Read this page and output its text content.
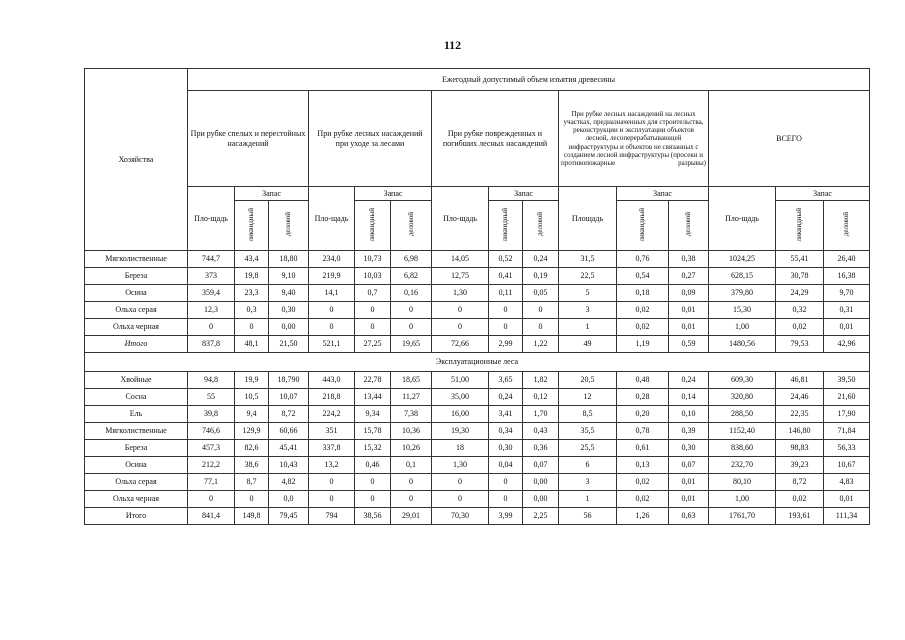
112
Хозяйства	Ежегодный допустимый объем изъятия древесины														
	При рубке спелых и перестойных насаждений			При рубке лесных насаждений при уходе за лесами			При рубке поврежденных и погибших лесных насаждений			При рубке лесных насаждений на лесных участках, предназначенных для строительства, реконструкции и эксплуатации объектов лесной, лесоперерабатывающей инфраструктуры и объектов не связанных с созданием лесной инфраструктуры (просеки и противопожарные разрывы)			ВСЕГО		
	Пло-щадь	Запас		Пло-щадь	Запас		Пло-щадь	Запас		Площадь	Запас		Пло-щадь	Запас	
		ликвидный	деловой		ликвидный	деловой		ликвидный	деловой		ликвидный	деловой		ликвидный	деловой
Мягколиственные	744,7	43,4	18,80	234,0	10,73	6,98	14,05	0,52	0,24	31,5	0,76	0,38	1024,25	55,41	26,40
Береза	373	19,8	9,10	219,9	10,03	6,82	12,75	0,41	0,19	22,5	0,54	0,27	628,15	30,78	16,38
Осина	359,4	23,3	9,40	14,1	0,7	0,16	1,30	0,11	0,05	5	0,18	0,09	379,80	24,29	9,70
Ольха серая	12,3	0,3	0,30	0	0	0	0	0	0	3	0,02	0,01	15,30	0,32	0,31
Ольха черная	0	0	0,00	0	0	0	0	0	0	1	0,02	0,01	1,00	0,02	0,01
Итого	837,8	48,1	21,50	521,1	27,25	19,65	72,66	2,99	1,22	49	1,19	0,59	1480,56	79,53	42,96
Эксплуатационные леса															
Хвойные	94,8	19,9	18,790	443,0	22,78	18,65	51,00	3,65	1,82	20,5	0,48	0,24	609,30	46,81	39,50
Сосна	55	10,5	10,07	218,8	13,44	11,27	35,00	0,24	0,12	12	0,28	0,14	320,80	24,46	21,60
Ель	39,8	9,4	8,72	224,2	9,34	7,38	16,00	3,41	1,70	8,5	0,20	0,10	288,50	22,35	17,90
Мягколиственные	746,6	129,9	60,66	351	15,78	10,36	19,30	0,34	0,43	35,5	0,78	0,39	1152,40	146,80	71,84
Береза	457,3	82,6	45,41	337,8	15,32	10,26	18	0,30	0,36	25,5	0,61	0,30	838,60	98,83	56,33
Осина	212,2	38,6	10,43	13,2	0,46	0,1	1,30	0,04	0,07	6	0,13	0,07	232,70	39,23	10,67
Ольха серая	77,1	8,7	4,82	0	0	0	0	0	0,00	3	0,02	0,01	80,10	8,72	4,83
Ольха черная	0	0	0,0	0	0	0	0	0	0,00	1	0,02	0,01	1,00	0,02	0,01
Итого	841,4	149,8	79,45	794	38,56	29,01	70,30	3,99	2,25	56	1,26	0,63	1761,70	193,61	111,34
